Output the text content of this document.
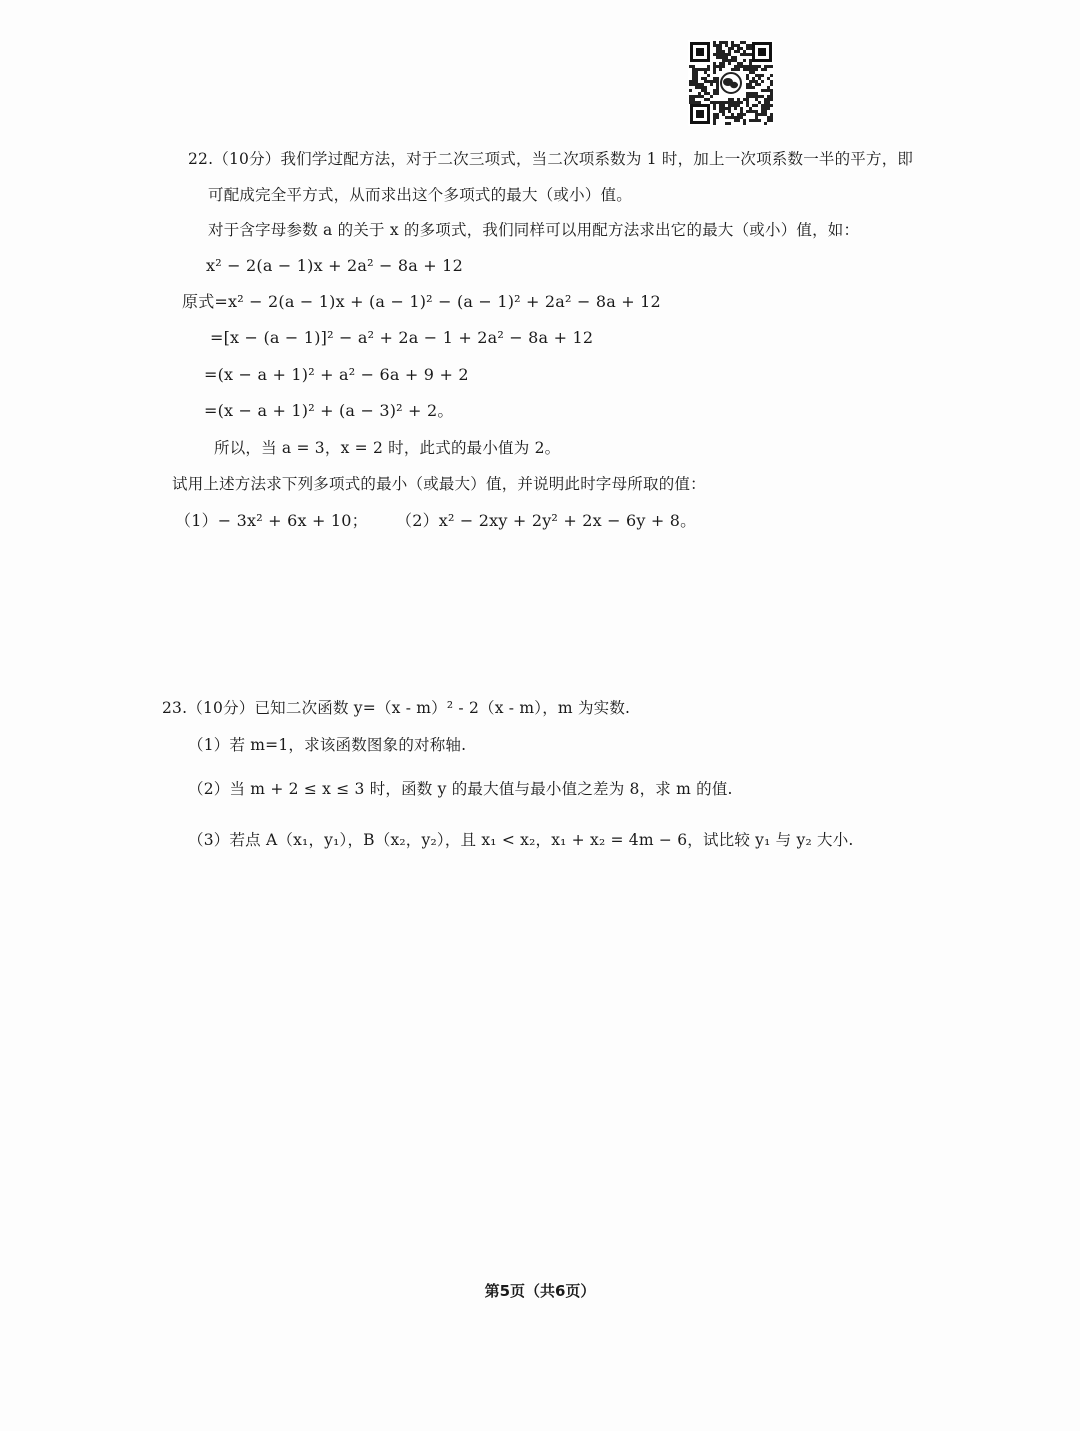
22.（10分）我们学过配方法，对于二次三项式，当二次项系数为 1 时，加上一次项系数一半的平方，即
可配成完全平方式，从而求出这个多项式的最大（或小）值。
对于含字母参数 a 的关于 x 的多项式，我们同样可以用配方法求出它的最大（或小）值，如：
x² − 2(a − 1)x + 2a² − 8a + 12
原式=x² − 2(a − 1)x + (a − 1)² − (a − 1)² + 2a² − 8a + 12
=[x − (a − 1)]² − a² + 2a − 1 + 2a² − 8a + 12
=(x − a + 1)² + a² − 6a + 9 + 2
=(x − a + 1)² + (a − 3)² + 2。
所以，当 a = 3，x = 2 时，此式的最小值为 2。
试用上述方法求下列多项式的最小（或最大）值，并说明此时字母所取的值：
（1）− 3x² + 6x + 10； （2）x² − 2xy + 2y² + 2x − 6y + 8。
23.（10分）已知二次函数 y=（x - m）² - 2（x - m），m 为实数.
（1）若 m=1，求该函数图象的对称轴.
（2）当 m + 2 ≤ x ≤ 3 时，函数 y 的最大值与最小值之差为 8，求 m 的值.
（3）若点 A（x₁，y₁），B（x₂，y₂），且 x₁ < x₂，x₁ + x₂ = 4m − 6，试比较 y₁ 与 y₂ 大小.
第5页（共6页）
